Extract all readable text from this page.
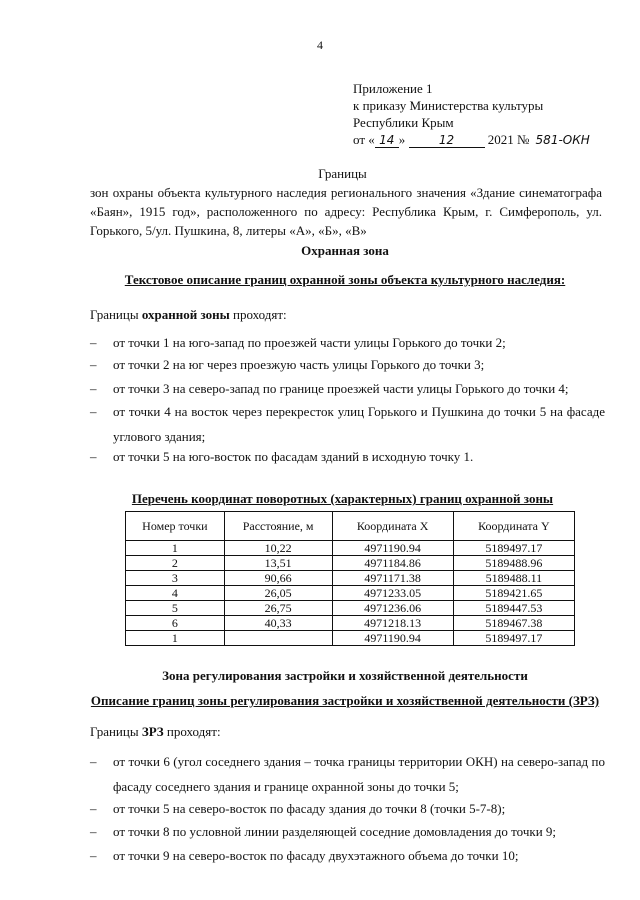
4
Приложение 1
к приказу Министерства культуры
Республики Крым
от « 14 »	12	2021 № 581-ОКН
Границы
зон охраны объекта культурного наследия регионального значения «Здание синематографа «Баян», 1915 год», расположенного по адресу: Республика Крым, г. Симферополь, ул. Горького, 5/ул. Пушкина, 8, литеры «А», «Б», «В»
Охранная зона
Текстовое описание границ охранной зоны объекта культурного наследия:
Границы охранной зоны проходят:
–	от точки 1 на юго-запад по проезжей части улицы Горького до точки 2;
–	от точки 2 на юг через проезжую часть улицы Горького до точки 3;
–	от точки 3 на северо-запад по границе проезжей части улицы Горького до точки 4;
–	от точки 4 на восток через перекресток улиц Горького и Пушкина до точки 5 на фасаде углового здания;
–	от точки 5 на юго-восток по фасадам зданий в исходную точку 1.
Перечень координат поворотных (характерных) границ охранной зоны
Номер точки	Расстояние, м	Координата X	Координата Y
1	10,22	4971190.94	5189497.17
2	13,51	4971184.86	5189488.96
3	90,66	4971171.38	5189488.11
4	26,05	4971233.05	5189421.65
5	26,75	4971236.06	5189447.53
6	40,33	4971218.13	5189467.38
1		4971190.94	5189497.17
Зона регулирования застройки и хозяйственной деятельности
Описание границ зоны регулирования застройки и хозяйственной деятельности (ЗРЗ)
Границы ЗРЗ проходят:
–	от точки 6 (угол соседнего здания – точка границы территории ОКН) на северо-запад по фасаду соседнего здания и границе охранной зоны до точки 5;
–	от точки 5 на северо-восток по фасаду здания до точки 8 (точки 5-7-8);
–	от точки 8 по условной линии разделяющей соседние домовладения до точки 9;
–	от точки 9 на северо-восток по фасаду двухэтажного объема до точки 10;
